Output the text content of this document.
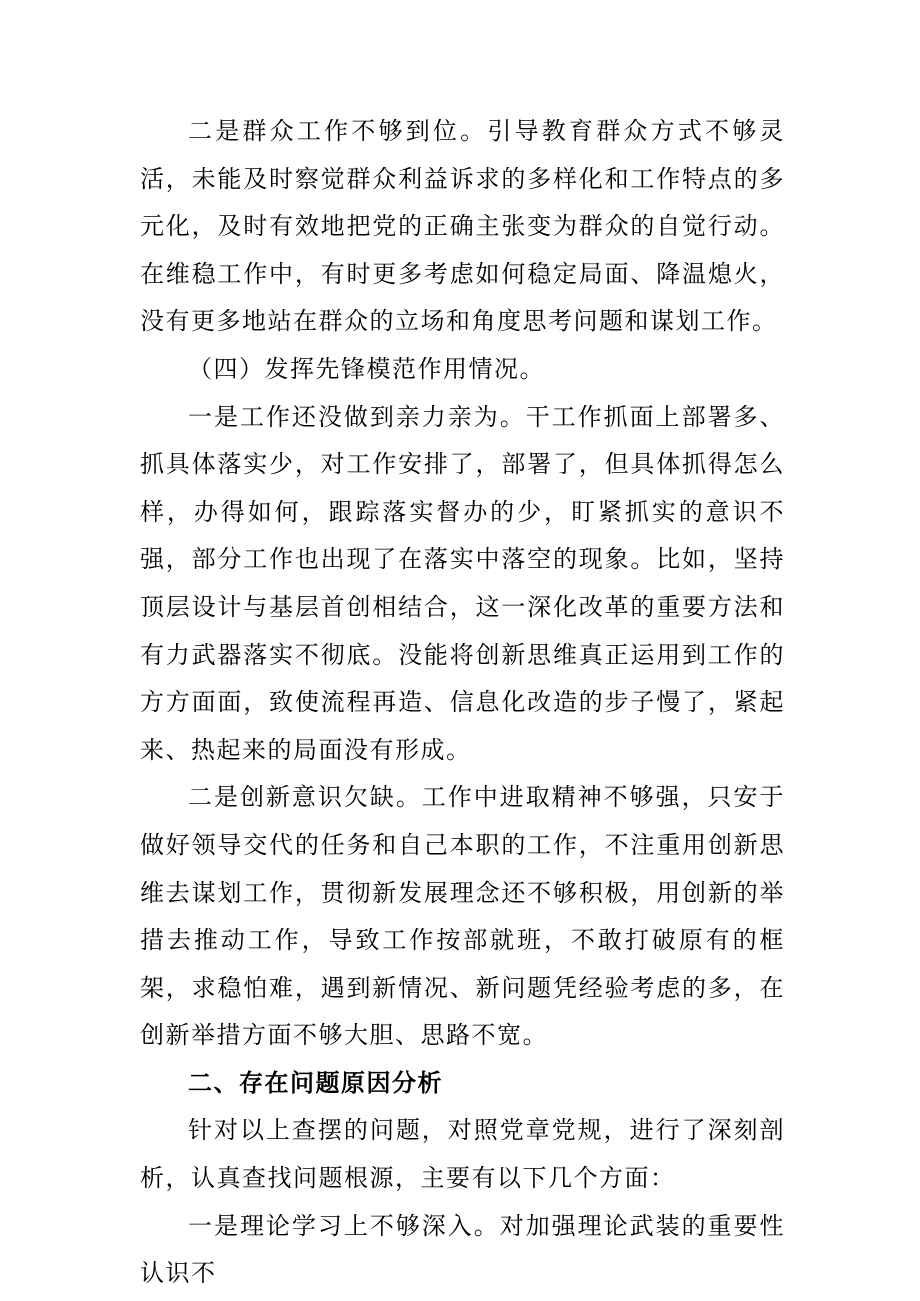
二是群众工作不够到位。引导教育群众方式不够灵活，未能及时察觉群众利益诉求的多样化和工作特点的多元化，及时有效地把党的正确主张变为群众的自觉行动。在维稳工作中，有时更多考虑如何稳定局面、降温熄火，没有更多地站在群众的立场和角度思考问题和谋划工作。

（四）发挥先锋模范作用情况。

一是工作还没做到亲力亲为。干工作抓面上部署多、抓具体落实少，对工作安排了，部署了，但具体抓得怎么样，办得如何，跟踪落实督办的少，盯紧抓实的意识不强，部分工作也出现了在落实中落空的现象。比如，坚持顶层设计与基层首创相结合，这一深化改革的重要方法和有力武器落实不彻底。没能将创新思维真正运用到工作的方方面面，致使流程再造、信息化改造的步子慢了，紧起来、热起来的局面没有形成。

二是创新意识欠缺。工作中进取精神不够强，只安于做好领导交代的任务和自己本职的工作，不注重用创新思维去谋划工作，贯彻新发展理念还不够积极，用创新的举措去推动工作，导致工作按部就班，不敢打破原有的框架，求稳怕难，遇到新情况、新问题凭经验考虑的多，在创新举措方面不够大胆、思路不宽。

二、存在问题原因分析

针对以上查摆的问题，对照党章党规，进行了深刻剖析，认真查找问题根源，主要有以下几个方面：

一是理论学习上不够深入。对加强理论武装的重要性认识不
